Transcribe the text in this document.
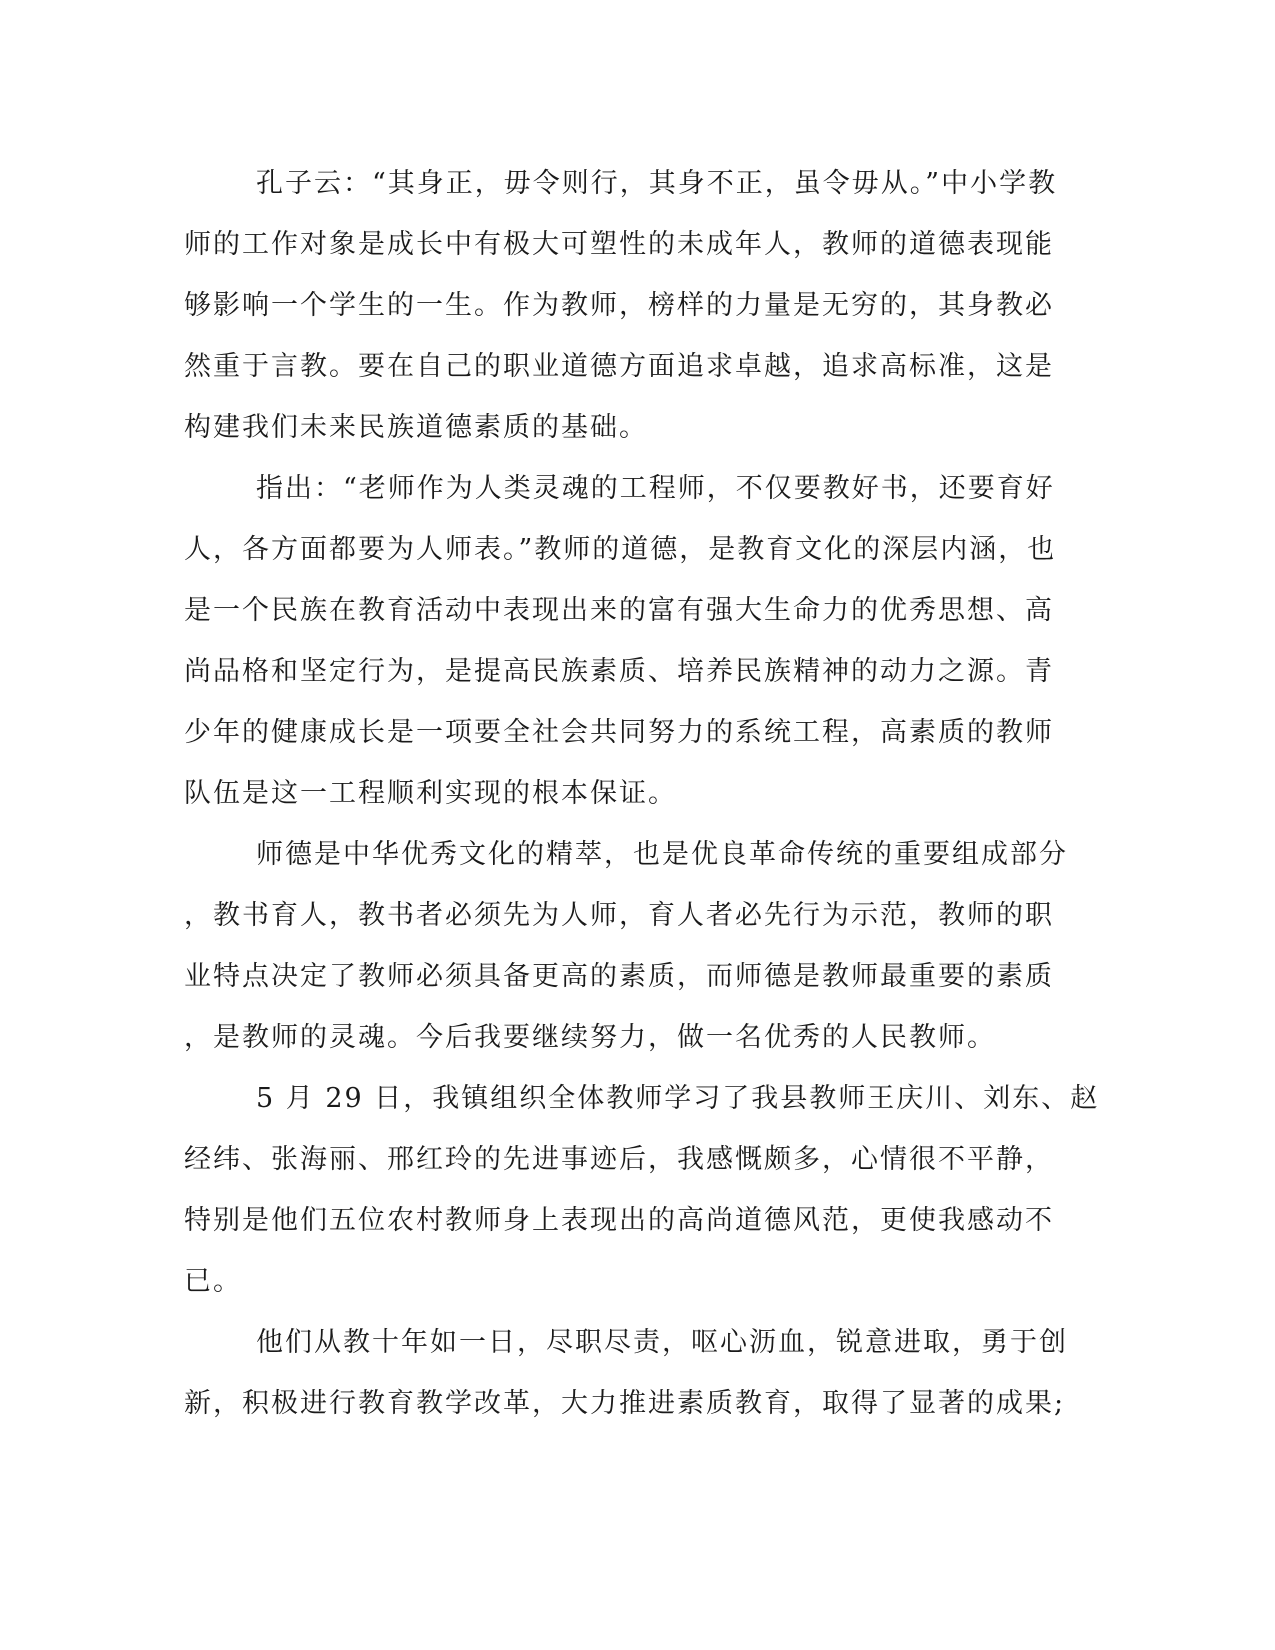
孔子云：“其身正，毋令则行，其身不正，虽令毋从。”中小学教
师的工作对象是成长中有极大可塑性的未成年人，教师的道德表现能
够影响一个学生的一生。作为教师，榜样的力量是无穷的，其身教必
然重于言教。要在自己的职业道德方面追求卓越，追求高标准，这是
构建我们未来民族道德素质的基础。
指出：“老师作为人类灵魂的工程师，不仅要教好书，还要育好
人，各方面都要为人师表。”教师的道德，是教育文化的深层内涵，也
是一个民族在教育活动中表现出来的富有强大生命力的优秀思想、高
尚品格和坚定行为，是提高民族素质、培养民族精神的动力之源。青
少年的健康成长是一项要全社会共同努力的系统工程，高素质的教师
队伍是这一工程顺利实现的根本保证。
师德是中华优秀文化的精萃，也是优良革命传统的重要组成部分
，教书育人，教书者必须先为人师，育人者必先行为示范，教师的职
业特点决定了教师必须具备更高的素质，而师德是教师最重要的素质
，是教师的灵魂。今后我要继续努力，做一名优秀的人民教师。
5 月 29 日，我镇组织全体教师学习了我县教师王庆川、刘东、赵
经纬、张海丽、邢红玲的先进事迹后，我感慨颇多，心情很不平静，
特别是他们五位农村教师身上表现出的高尚道德风范，更使我感动不
已。
他们从教十年如一日，尽职尽责，呕心沥血，锐意进取，勇于创
新，积极进行教育教学改革，大力推进素质教育，取得了显著的成果;
